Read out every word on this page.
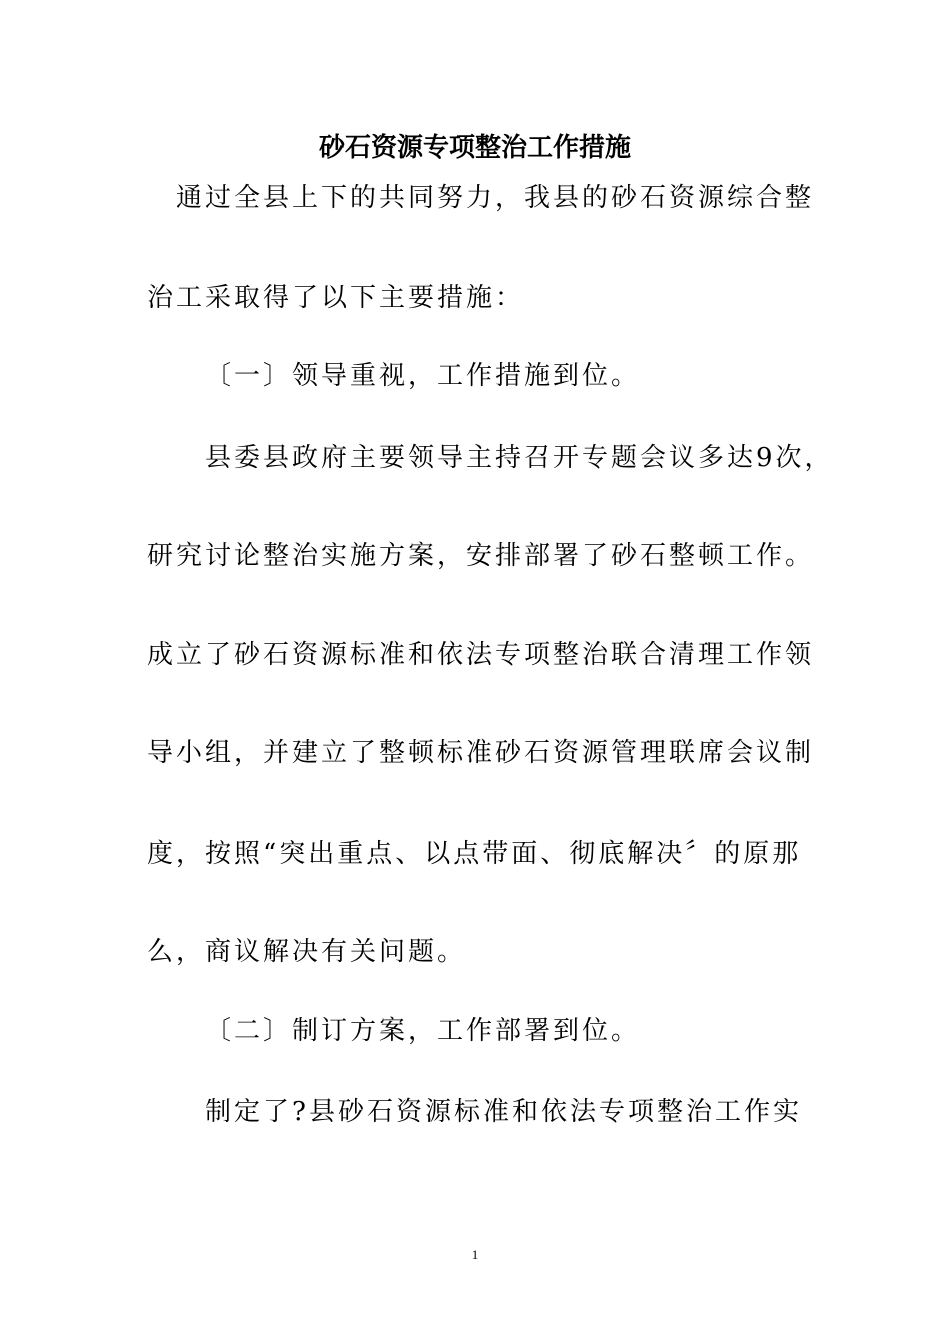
砂石资源专项整治工作措施
通过全县上下的共同努力，我县的砂石资源综合整
治工采取得了以下主要措施：
〔一〕领导重视，工作措施到位。
县委县政府主要领导主持召开专题会议多达9次，
研究讨论整治实施方案，安排部署了砂石整顿工作。
成立了砂石资源标准和依法专项整治联合清理工作领
导小组，并建立了整顿标准砂石资源管理联席会议制
度，按照“突出重点、以点带面、彻底解决〞的原那
么，商议解决有关问题。
〔二〕制订方案，工作部署到位。
制定了?县砂石资源标准和依法专项整治工作实
1
